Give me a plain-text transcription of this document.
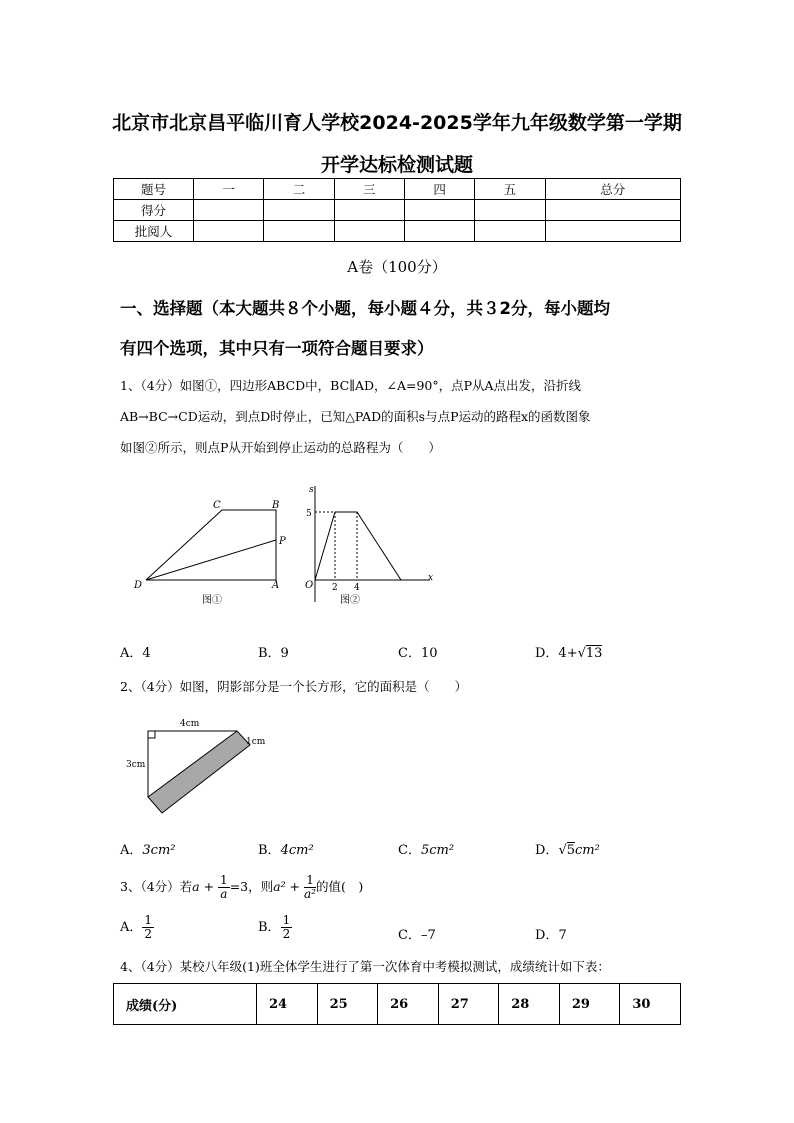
北京市北京昌平临川育人学校2024-2025学年九年级数学第一学期
开学达标检测试题
题号	一	二	三	四	五	总分
得分						
批阅人						
A卷（100分）
一、选择题（本大题共８个小题，每小题４分，共３2分，每小题均
有四个选项，其中只有一项符合题目要求）
1、（4分）如图①，四边形ABCD中，BC∥AD，∠A=90°，点P从A点出发，沿折线
AB→BC→CD运动，到点D时停止，已知△PAD的面积s与点P运动的路程x的函数图象
如图②所示，则点P从开始到停止运动的总路程为（　　）
C	B
P
D	A
图①
s
x
O
5
2 4
图②
A．4	B．9	C．10	D．4+√13
2、（4分）如图，阴影部分是一个长方形，它的面积是（　　）
4cm
3cm
1cm
A．3cm²	B．4cm²	C．5cm²	D．√5cm²
3、（4分）若$a + \frac{1}{a} =3$，则$a^2 + \frac{1}{\text{a²}}$ 的值(　)
A． $\frac{1}{2}$	B． $\frac{1}{2}$	C．–7	D．7
4、（4分）某校八年级(1)班全体学生进行了第一次体育中考模拟测试，成绩统计如下表：
成绩(分)	24	25	26	27	28	29	30
